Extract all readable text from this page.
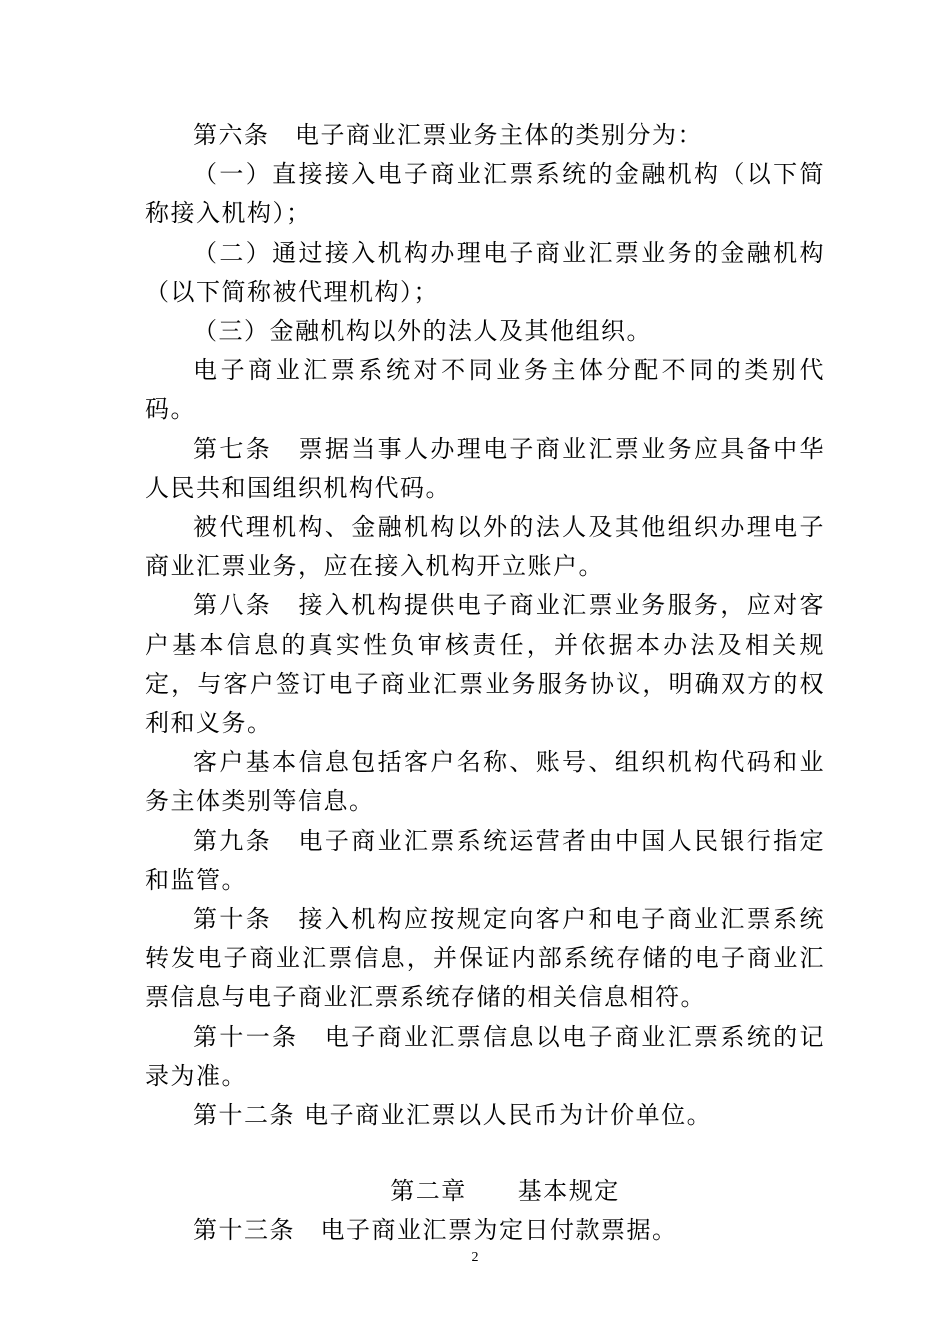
第六条　电子商业汇票业务主体的类别分为：

（一）直接接入电子商业汇票系统的金融机构（以下简称接入机构）；

（二）通过接入机构办理电子商业汇票业务的金融机构（以下简称被代理机构）；

（三）金融机构以外的法人及其他组织。

电子商业汇票系统对不同业务主体分配不同的类别代码。

第七条　票据当事人办理电子商业汇票业务应具备中华人民共和国组织机构代码。

被代理机构、金融机构以外的法人及其他组织办理电子商业汇票业务，应在接入机构开立账户。

第八条　接入机构提供电子商业汇票业务服务，应对客户基本信息的真实性负审核责任，并依据本办法及相关规定，与客户签订电子商业汇票业务服务协议，明确双方的权利和义务。

客户基本信息包括客户名称、账号、组织机构代码和业务主体类别等信息。

第九条　电子商业汇票系统运营者由中国人民银行指定和监管。

第十条　接入机构应按规定向客户和电子商业汇票系统转发电子商业汇票信息，并保证内部系统存储的电子商业汇票信息与电子商业汇票系统存储的相关信息相符。

第十一条　电子商业汇票信息以电子商业汇票系统的记录为准。

第十二条 电子商业汇票以人民币为计价单位。

第二章　　基本规定

第十三条　电子商业汇票为定日付款票据。

2
